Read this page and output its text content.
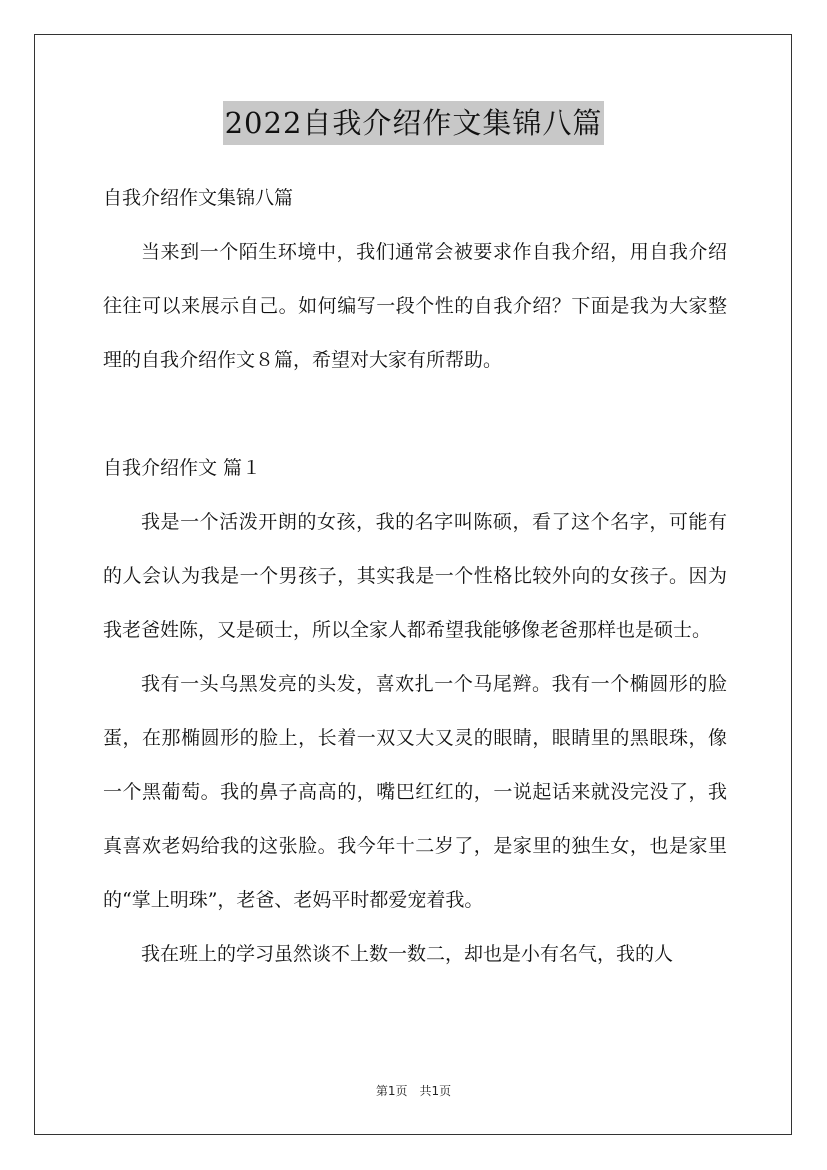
2022自我介绍作文集锦八篇

自我介绍作文集锦八篇

当来到一个陌生环境中，我们通常会被要求作自我介绍，用自我介绍往往可以来展示自己。如何编写一段个性的自我介绍？下面是我为大家整理的自我介绍作文８篇，希望对大家有所帮助。

自我介绍作文 篇１

我是一个活泼开朗的女孩，我的名字叫陈硕，看了这个名字，可能有的人会认为我是一个男孩子，其实我是一个性格比较外向的女孩子。因为我老爸姓陈，又是硕士，所以全家人都希望我能够像老爸那样也是硕士。

我有一头乌黑发亮的头发，喜欢扎一个马尾辫。我有一个椭圆形的脸蛋，在那椭圆形的脸上，长着一双又大又灵的眼睛，眼睛里的黑眼珠，像一个黑葡萄。我的鼻子高高的，嘴巴红红的，一说起话来就没完没了，我真喜欢老妈给我的这张脸。我今年十二岁了，是家里的独生女，也是家里的“掌上明珠”，老爸、老妈平时都爱宠着我。

我在班上的学习虽然谈不上数一数二，却也是小有名气，我的人

第1页　共1页
